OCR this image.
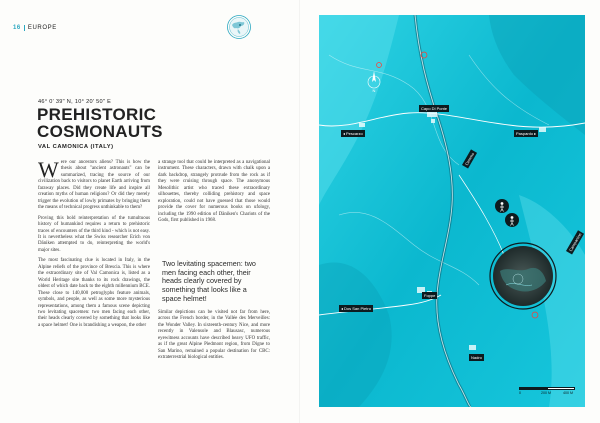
16 EUROPE
46° 0' 39" N, 10° 20' 50" E
PREHISTORIC
COSMONAUTS
VAL CAMONICA (ITALY)

Were our ancestors aliens? This is how the thesis about "ancient astronauts" can be summarized, tracing the source of our civilization back to visitors to planet Earth arriving from faraway places. Did they create life and inspire all creation myths of human religions? Or did they merely trigger the evolution of lowly primates by bringing them the means of technical progress unthinkable to them?

Proving this bold reinterpretation of the tumultuous history of humankind requires a return to prehistoric traces of encounters of the third kind - which is not easy. It is nevertheless what the Swiss researcher Erich von Däniken attempted to do, reinterpreting the world's major sites.

The most fascinating clue is located in Italy, in the Alpine reliefs of the province of Brescia. This is where the extraordinary site of Val Camonica is, listed as a World Heritage site thanks to its rock drawings, the oldest of which date back to the eighth millennium BCE. These close to 140,000 petroglyphs feature animals, symbols, and people, as well as some more mysterious representations, among them a famous scene depicting two levitating spacemen: two men facing each other, their heads clearly covered by something that looks like a space helmet! One is brandishing a weapon, the other

a strange tool that could be interpreted as a navigational instrument. These characters, drawn with chalk upon a dark backdrop, strangely protrude from the rock as if they were cruising through space. The anonymous Mesolithic artist who traced these extraordinary silhouettes, thereby colliding prehistory and space exploration, could not have guessed that those would provide the cover for numerous books on ufology, including the 1990 edition of Däniken's Chariots of the Gods, first published in 1968.

Two levitating spacemen: two men facing each other, their heads clearly covered by something that looks like a space helmet!

Similar depictions can be visited not far from here, across the French border, in the Vallée des Merveilles: the Wonder Valley. In sixteenth-century Nice, and more recently in Valensole and Blausasc, numerous eyewitness accounts have described heavy UFO traffic, as if the great Alpine Piedmont region, from Digne to San Marino, remained a popular destination for CBC: extraterrestrial biological entities.

N
Capo Di Ponte
◂ Pescarzo	Paspardo ▸
Cemmo
◂ Dos San Pietro
Foppe
Nadro
Campanine
0	200 M	400 M
